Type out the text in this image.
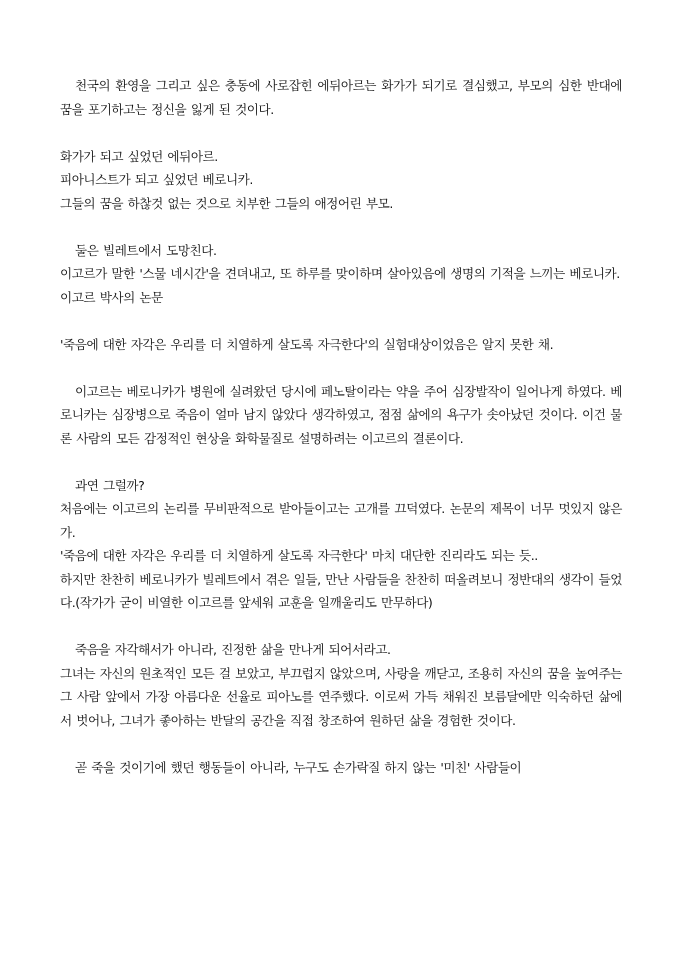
천국의 환영을 그리고 싶은 충동에 사로잡힌 에뒤아르는 화가가 되기로 결심했고, 부모의 심한 반대에 꿈을 포기하고는 정신을 잃게 된 것이다.

화가가 되고 싶었던 에뒤아르.

피아니스트가 되고 싶었던 베로니카.

그들의 꿈을 하찮것 없는 것으로 치부한 그들의 애정어린 부모.

둘은 빌레트에서 도망친다.

이고르가 말한 '스물 네시간'을 견뎌내고, 또 하루를 맞이하며 살아있음에 생명의 기적을 느끼는 베로니카.

이고르 박사의 논문

'죽음에 대한 자각은 우리를 더 치열하게 살도록 자극한다'의 실험대상이었음은 알지 못한 채.

이고르는 베로니카가 병원에 실려왔던 당시에 페노탈이라는 약을 주어 심장발작이 일어나게 하였다. 베로니카는 심장병으로 죽음이 얼마 남지 않았다 생각하였고, 점점 삶에의 욕구가 솟아났던 것이다. 이건 물론 사람의 모든 감정적인 현상을 화학물질로 설명하려는 이고르의 결론이다.

과연 그럴까?

처음에는 이고르의 논리를 무비판적으로 받아들이고는 고개를 끄덕였다. 논문의 제목이 너무 멋있지 않은가.

'죽음에 대한 자각은 우리를 더 치열하게 살도록 자극한다' 마치 대단한 진리라도 되는 듯..

하지만 찬찬히 베로니카가 빌레트에서 겪은 일들, 만난 사람들을 찬찬히 떠올려보니 정반대의 생각이 들었다.(작가가 굳이 비열한 이고르를 앞세워 교훈을 일깨울리도 만무하다)

죽음을 자각해서가 아니라, 진정한 삶을 만나게 되어서라고.

그녀는 자신의 원초적인 모든 걸 보았고, 부끄럽지 않았으며, 사랑을 깨닫고, 조용히 자신의 꿈을 높여주는 그 사람 앞에서 가장 아름다운 선율로 피아노를 연주했다. 이로써 가득 채워진 보름달에만 익숙하던 삶에서 벗어나, 그녀가 좋아하는 반달의 공간을 직접 창조하여 원하던 삶을 경험한 것이다.

곧 죽을 것이기에 했던 행동들이 아니라, 누구도 손가락질 하지 않는 '미친' 사람들이
